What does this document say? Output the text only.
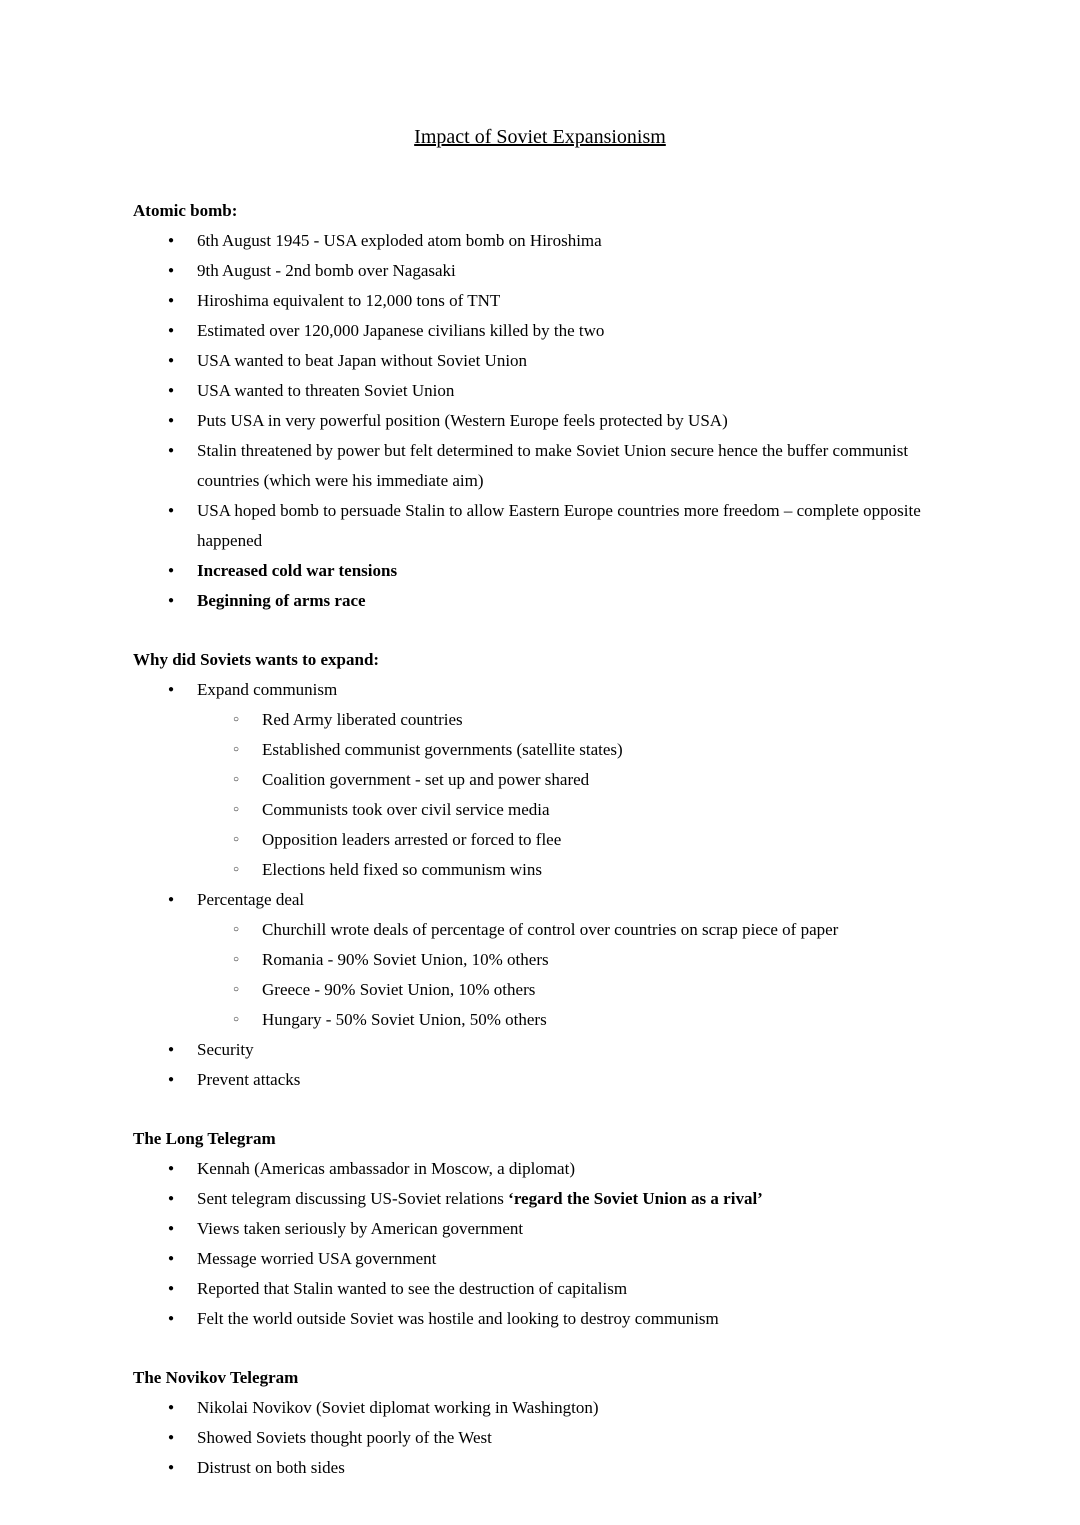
Impact of Soviet Expansionism
Atomic bomb:
●	6th August 1945 - USA exploded atom bomb on Hiroshima
●	9th August - 2nd bomb over Nagasaki
●	Hiroshima equivalent to 12,000 tons of TNT
●	Estimated over 120,000 Japanese civilians killed by the two
●	USA wanted to beat Japan without Soviet Union
●	USA wanted to threaten Soviet Union
●	Puts USA in very powerful position (Western Europe feels protected by USA)
●	Stalin threatened by power but felt determined to make Soviet Union secure hence the buffer communist countries (which were his immediate aim)
●	USA hoped bomb to persuade Stalin to allow Eastern Europe countries more freedom – complete opposite happened
●	Increased cold war tensions
●	Beginning of arms race
Why did Soviets wants to expand:
●	Expand communism
○	Red Army liberated countries
○	Established communist governments (satellite states)
○	Coalition government - set up and power shared
○	Communists took over civil service media
○	Opposition leaders arrested or forced to flee
○	Elections held fixed so communism wins
●	Percentage deal
○	Churchill wrote deals of percentage of control over countries on scrap piece of paper
○	Romania - 90% Soviet Union, 10% others
○	Greece - 90% Soviet Union, 10% others
○	Hungary - 50% Soviet Union, 50% others
●	Security
●	Prevent attacks
The Long Telegram
●	Kennah (Americas ambassador in Moscow, a diplomat)
●	Sent telegram discussing US-Soviet relations ‘regard the Soviet Union as a rival’
●	Views taken seriously by American government
●	Message worried USA government
●	Reported that Stalin wanted to see the destruction of capitalism
●	Felt the world outside Soviet was hostile and looking to destroy communism
The Novikov Telegram
●	Nikolai Novikov (Soviet diplomat working in Washington)
●	Showed Soviets thought poorly of the West
●	Distrust on both sides
